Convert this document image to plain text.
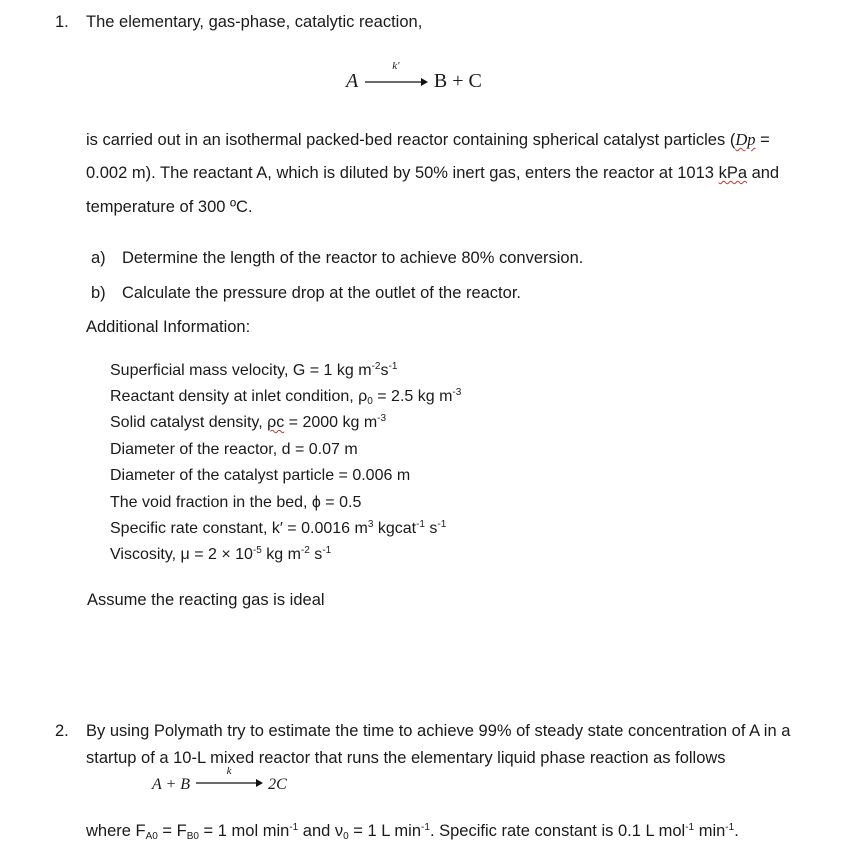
1. The elementary, gas-phase, catalytic reaction,
A
k′
B + C
is carried out in an isothermal packed-bed reactor containing spherical catalyst particles (Dp =
0.002 m). The reactant A, which is diluted by 50% inert gas, enters the reactor at 1013 kPa and
temperature of 300 ºC.
a) Determine the length of the reactor to achieve 80% conversion.
b) Calculate the pressure drop at the outlet of the reactor.
Additional Information:
Superficial mass velocity, G = 1 kg $m^{-2}s^{-1}$
Reactant density at inlet condition, $\rho_0 = 2.5$ kg $m^{-3}$
Solid catalyst density, ρc = 2000 kg $m^{-3}$
Diameter of the reactor, d = 0.07 m
Diameter of the catalyst particle = 0.006 m
The void fraction in the bed, ϕ = 0.5
Specific rate constant, k′ = 0.0016 $m^3$ kgcat$^{-1}$ $s^{-1}$
Viscosity, $\mu = 2 \times 10^{-5}$ kg $m^{-2}$ $s^{-1}$
Assume the reacting gas is ideal
2. By using Polymath try to estimate the time to achieve 99% of steady state concentration of A in a
startup of a 10-L mixed reactor that runs the elementary liquid phase reaction as follows
A + B
k
2C
where $F_{A0} = F_{B0} = 1$ mol $\min^{-1}$ and $\nu_0 = 1$ L $\min^{-1}$. Specific rate constant is 0.1 L mol$^{-1}$ $\min^{-1}$.
